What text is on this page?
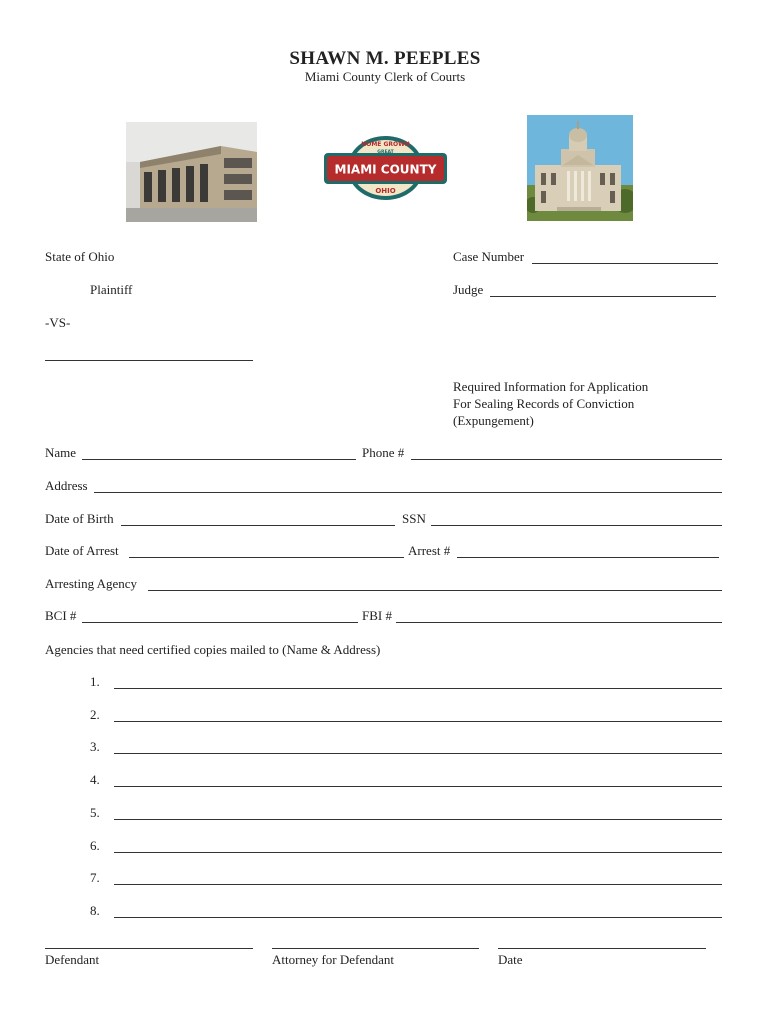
SHAWN M. PEEPLES
Miami County Clerk of Courts
HOME GROWN
GREAT
MIAMI COUNTY
OHIO
State of Ohio
Plaintiff
-VS-
Case Number
Judge
Required Information for Application
For Sealing Records of Conviction
(Expungement)
Name	Phone #
Address
Date of Birth	SSN
Date of Arrest	Arrest #
Arresting Agency
BCI #	FBI #
Agencies that need certified copies mailed to (Name & Address)
1.
2.
3.
4.
5.
6.
7.
8.
Defendant	Attorney for Defendant	Date
